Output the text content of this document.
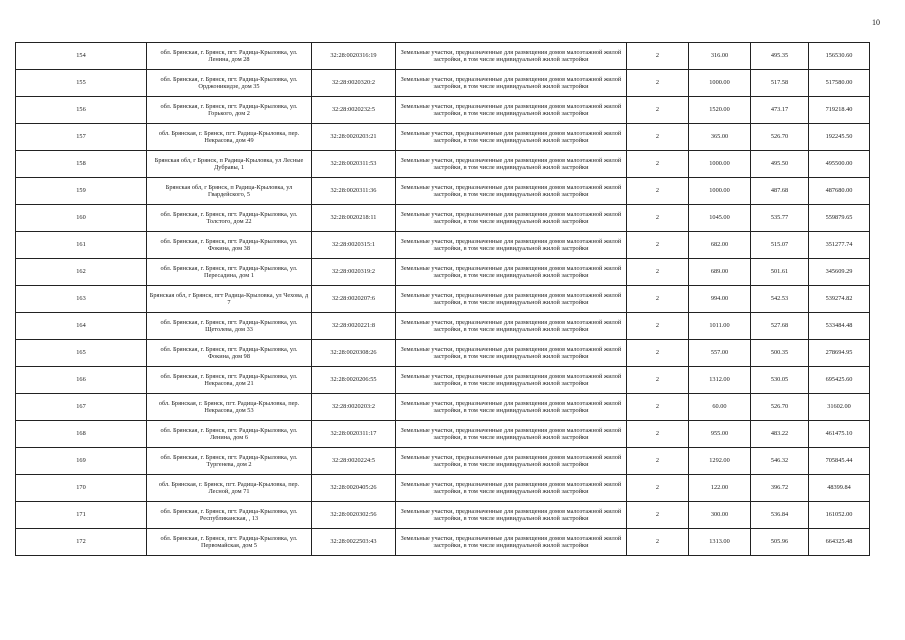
10
154	обл. Брянская, г. Брянск, пгт. Радица-Крыловка, ул. Ленина, дом 28	32:28:0020316:19	Земельные участки, предназначенные для размещения домов малоэтажной жилой застройки, в том числе индивидуальной жилой застройки	2	316.00	495.35	156530.60
155	обл. Брянская, г. Брянск, пгт. Радица-Крыловка, ул. Орджоникидзе, дом 35	32:28:0020320:2	Земельные участки, предназначенные для размещения домов малоэтажной жилой застройки, в том числе индивидуальной жилой застройки	2	1000.00	517.58	517580.00
156	обл. Брянская, г. Брянск, пгт. Радица-Крыловка, ул. Горького, дом 2	32:28:0020232:5	Земельные участки, предназначенные для размещения домов малоэтажной жилой застройки, в том числе индивидуальной жилой застройки	2	1520.00	473.17	719218.40
157	обл. Брянская, г. Брянск, пгт. Радица-Крыловка, пер. Некрасова, дом 49	32:28:0020203:21	Земельные участки, предназначенные для размещения домов малоэтажной жилой застройки, в том числе индивидуальной жилой застройки	2	365.00	526.70	192245.50
158	Брянская обл, г Брянск, п Радица-Крыловка, ул Лесные Дубравы, 1	32:28:0020311:53	Земельные участки, предназначенные для размещения домов малоэтажной жилой застройки, в том числе индивидуальной жилой застройки	2	1000.00	495.50	495500.00
159	Брянская обл, г Брянск, п Радица-Крыловка, ул Гвардейского, 5	32:28:0020311:36	Земельные участки, предназначенные для размещения домов малоэтажной жилой застройки, в том числе индивидуальной жилой застройки	2	1000.00	487.68	487680.00
160	обл. Брянская, г. Брянск, пгт. Радица-Крыловка, ул. Толстого, дом 22	32:28:0020218:11	Земельные участки, предназначенные для размещения домов малоэтажной жилой застройки, в том числе индивидуальной жилой застройки	2	1045.00	535.77	559879.65
161	обл. Брянская, г. Брянск, пгт. Радица-Крыловка, ул. Фокина, дом 38	32:28:0020315:1	Земельные участки, предназначенные для размещения домов малоэтажной жилой застройки, в том числе индивидуальной жилой застройки	2	682.00	515.07	351277.74
162	обл. Брянская, г. Брянск, пгт. Радица-Крыловка, ул. Пересадина, дом 1	32:28:0020319:2	Земельные участки, предназначенные для размещения домов малоэтажной жилой застройки, в том числе индивидуальной жилой застройки	2	689.00	501.61	345609.29
163	Брянская обл, г Брянск, пгт Радица-Крыловка, ул Чехова, д 7	32:28:0020207:6	Земельные участки, предназначенные для размещения домов малоэтажной жилой застройки, в том числе индивидуальной жилой застройки	2	994.00	542.53	539274.82
164	обл. Брянская, г. Брянск, пгт. Радица-Крыловка, ул. Щетолева, дом 33	32:28:0020221:8	Земельные участки, предназначенные для размещения домов малоэтажной жилой застройки, в том числе индивидуальной жилой застройки	2	1011.00	527.68	533484.48
165	обл. Брянская, г. Брянск, пгт. Радица-Крыловка, ул. Фокина, дом 98	32:28:0020308:26	Земельные участки, предназначенные для размещения домов малоэтажной жилой застройки, в том числе индивидуальной жилой застройки	2	557.00	500.35	278694.95
166	обл. Брянская, г. Брянск, пгт. Радица-Крыловка, ул. Некрасова, дом 21	32:28:0020206:55	Земельные участки, предназначенные для размещения домов малоэтажной жилой застройки, в том числе индивидуальной жилой застройки	2	1312.00	530.05	695425.60
167	обл. Брянская, г. Брянск, пгт. Радица-Крыловка, пер. Некрасова, дом 53	32:28:0020203:2	Земельные участки, предназначенные для размещения домов малоэтажной жилой застройки, в том числе индивидуальной жилой застройки	2	60.00	526.70	31602.00
168	обл. Брянская, г. Брянск, пгт. Радица-Крыловка, ул. Ленина, дом 6	32:28:0020311:17	Земельные участки, предназначенные для размещения домов малоэтажной жилой застройки, в том числе индивидуальной жилой застройки	2	955.00	483.22	461475.10
169	обл. Брянская, г. Брянск, пгт. Радица-Крыловка, ул. Тургенева, дом 2	32:28:0020224:5	Земельные участки, предназначенные для размещения домов малоэтажной жилой застройки, в том числе индивидуальной жилой застройки	2	1292.00	546.32	705845.44
170	обл. Брянская, г. Брянск, пгт. Радица-Крыловка, пер. Лесной, дом 71	32:28:0020405:26	Земельные участки, предназначенные для размещения домов малоэтажной жилой застройки, в том числе индивидуальной жилой застройки	2	122.00	396.72	48399.84
171	обл. Брянская, г. Брянск, пгт. Радица-Крыловка, ул. Республиканская, , 13	32:28:0020302:56	Земельные участки, предназначенные для размещения домов малоэтажной жилой застройки, в том числе индивидуальной жилой застройки	2	300.00	536.84	161052.00
172	обл. Брянская, г. Брянск, пгт. Радица-Крыловка, ул. Первомайская, дом 5	32:28:0022503:43	Земельные участки, предназначенные для размещения домов малоэтажной жилой застройки, в том числе индивидуальной жилой застройки	2	1313.00	505.96	664325.48
